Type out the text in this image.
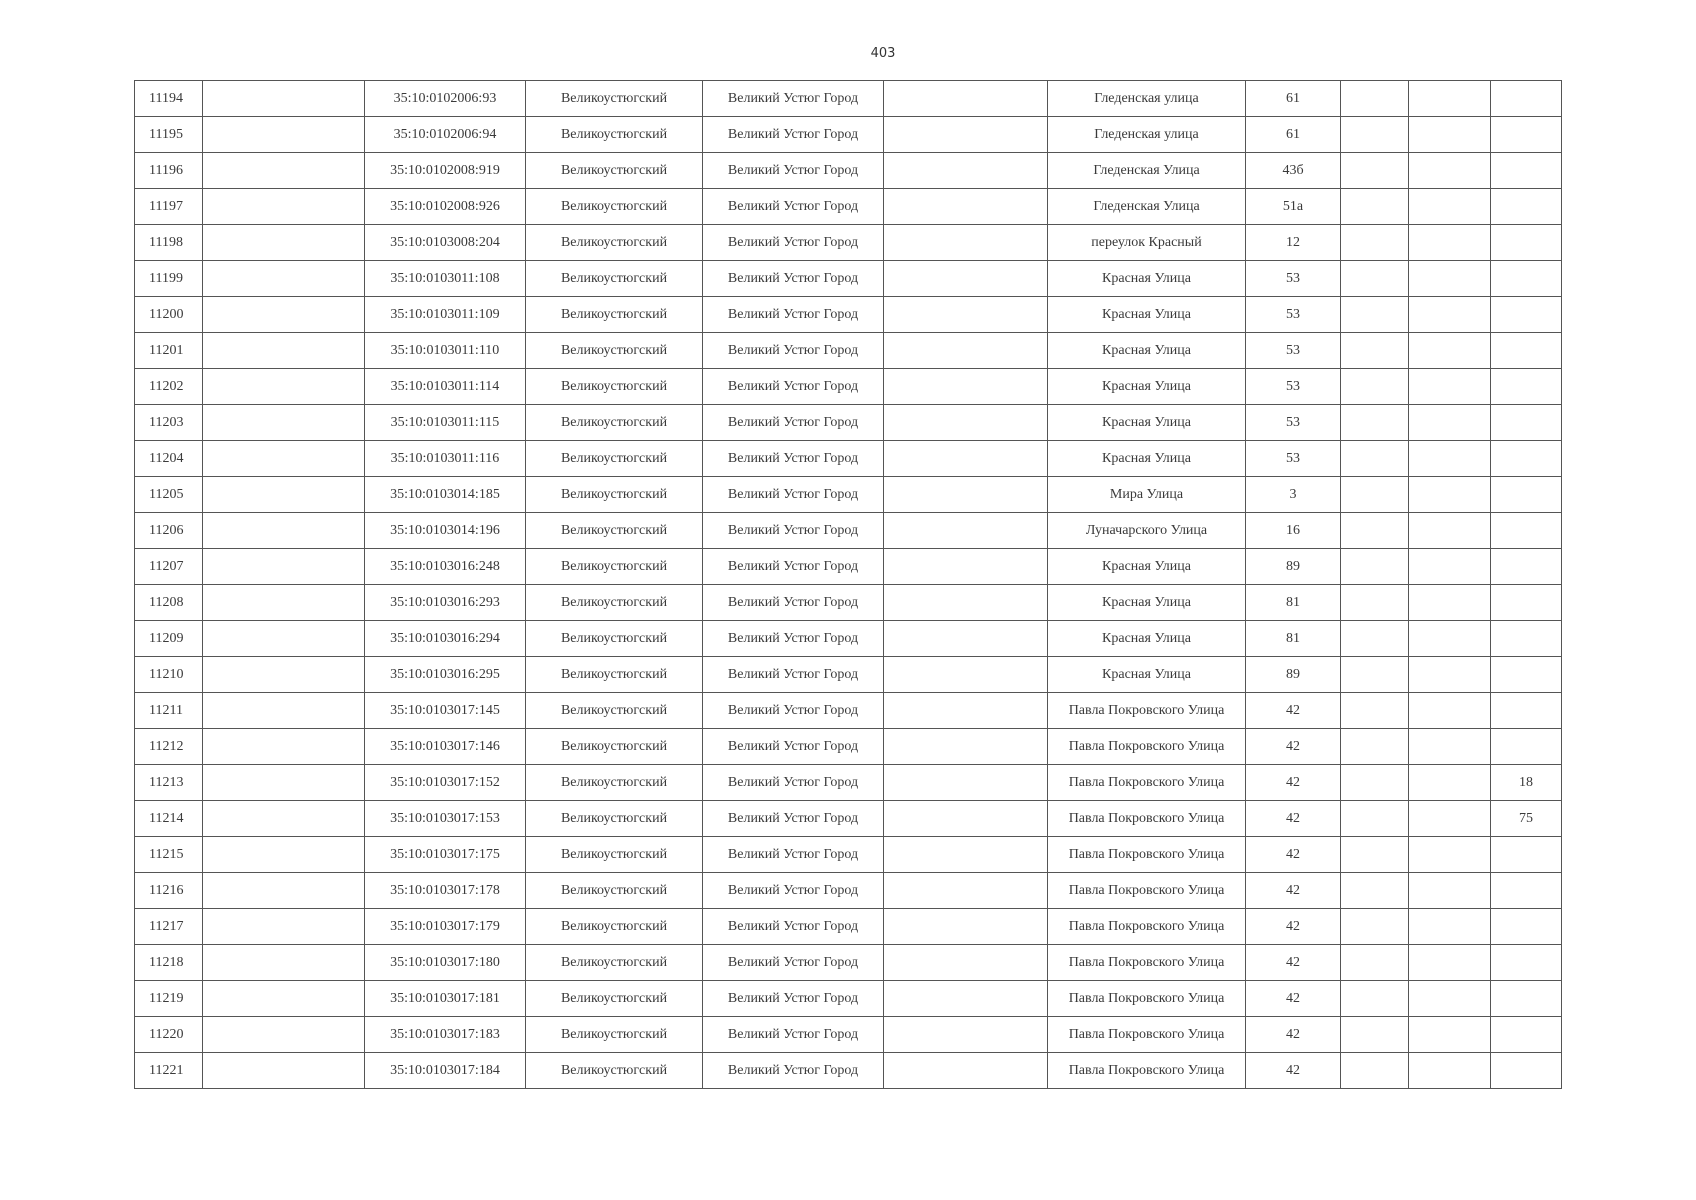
403
11194		35:10:0102006:93	Великоустюгский	Великий Устюг Город		Гледенская улица	61			
11195		35:10:0102006:94	Великоустюгский	Великий Устюг Город		Гледенская улица	61			
11196		35:10:0102008:919	Великоустюгский	Великий Устюг Город		Гледенская Улица	43б			
11197		35:10:0102008:926	Великоустюгский	Великий Устюг Город		Гледенская Улица	51а			
11198		35:10:0103008:204	Великоустюгский	Великий Устюг Город		переулок Красный	12			
11199		35:10:0103011:108	Великоустюгский	Великий Устюг Город		Красная Улица	53			
11200		35:10:0103011:109	Великоустюгский	Великий Устюг Город		Красная Улица	53			
11201		35:10:0103011:110	Великоустюгский	Великий Устюг Город		Красная Улица	53			
11202		35:10:0103011:114	Великоустюгский	Великий Устюг Город		Красная Улица	53			
11203		35:10:0103011:115	Великоустюгский	Великий Устюг Город		Красная Улица	53			
11204		35:10:0103011:116	Великоустюгский	Великий Устюг Город		Красная Улица	53			
11205		35:10:0103014:185	Великоустюгский	Великий Устюг Город		Мира Улица	3			
11206		35:10:0103014:196	Великоустюгский	Великий Устюг Город		Луначарского Улица	16			
11207		35:10:0103016:248	Великоустюгский	Великий Устюг Город		Красная Улица	89			
11208		35:10:0103016:293	Великоустюгский	Великий Устюг Город		Красная Улица	81			
11209		35:10:0103016:294	Великоустюгский	Великий Устюг Город		Красная Улица	81			
11210		35:10:0103016:295	Великоустюгский	Великий Устюг Город		Красная Улица	89			
11211		35:10:0103017:145	Великоустюгский	Великий Устюг Город		Павла Покровского Улица	42			
11212		35:10:0103017:146	Великоустюгский	Великий Устюг Город		Павла Покровского Улица	42			
11213		35:10:0103017:152	Великоустюгский	Великий Устюг Город		Павла Покровского Улица	42			18
11214		35:10:0103017:153	Великоустюгский	Великий Устюг Город		Павла Покровского Улица	42			75
11215		35:10:0103017:175	Великоустюгский	Великий Устюг Город		Павла Покровского Улица	42			
11216		35:10:0103017:178	Великоустюгский	Великий Устюг Город		Павла Покровского Улица	42			
11217		35:10:0103017:179	Великоустюгский	Великий Устюг Город		Павла Покровского Улица	42			
11218		35:10:0103017:180	Великоустюгский	Великий Устюг Город		Павла Покровского Улица	42			
11219		35:10:0103017:181	Великоустюгский	Великий Устюг Город		Павла Покровского Улица	42			
11220		35:10:0103017:183	Великоустюгский	Великий Устюг Город		Павла Покровского Улица	42			
11221		35:10:0103017:184	Великоустюгский	Великий Устюг Город		Павла Покровского Улица	42			
